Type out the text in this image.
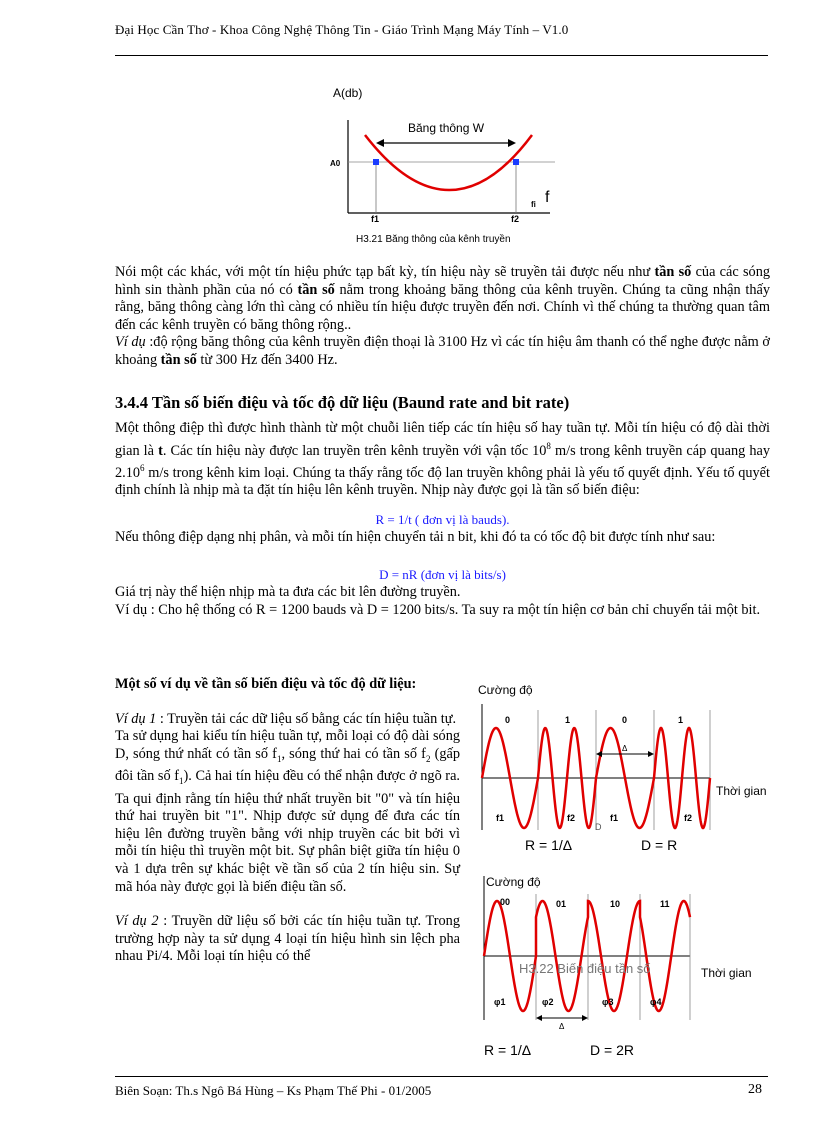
Đại Học Cần Thơ - Khoa Công Nghệ Thông Tin - Giáo Trình Mạng Máy Tính – V1.0
A(db)
Băng thông W
A0
fi f
f1	f2
H3.21 Băng thông của kênh truyền

Nói một các khác, với một tín hiệu phức tạp bất kỳ, tín hiệu này sẽ truyền tải được nếu như tần số của các sóng hình sin thành phần của nó có tần số nằm trong khoảng băng thông của kênh truyền. Chúng ta cũng nhận thấy rằng, băng thông càng lớn thì càng có nhiều tín hiệu được truyền đến nơi. Chính vì thế chúng ta thường quan tâm đến các kênh truyền có băng thông rộng..

Ví dụ :độ rộng băng thông của kênh truyền điện thoại là 3100 Hz vì các tín hiệu âm thanh có thể nghe được nằm ở khoảng tần số từ 300 Hz đến 3400 Hz.

3.4.4 Tần số biến điệu và tốc độ dữ liệu (Baund rate and bit rate)

Một thông điệp thì được hình thành từ một chuỗi liên tiếp các tín hiệu số hay tuần tự. Mỗi tín hiệu có độ dài thời gian là t. Các tín hiệu này được lan truyền trên kênh truyền với vận tốc $10^8$ m/s trong kênh truyền cáp quang hay 2.10$^6$ m/s trong kênh kim loại. Chúng ta thấy rằng tốc độ lan truyền không phải là yếu tố quyết định. Yếu tố quyết định chính là nhịp mà ta đặt tín hiệu lên kênh truyền. Nhịp này được gọi là tần số biến điệu:

R = 1/t ( đơn vị là bauds).
Nếu thông điệp dạng nhị phân, và mỗi tín hiện chuyển tải n bit, khi đó ta có tốc độ bit được tính như sau:
D = nR (đơn vị là bits/s)

Giá trị này thể hiện nhịp mà ta đưa các bit lên đường truyền.

Ví dụ : Cho hệ thống có R = 1200 bauds và D = 1200 bits/s. Ta suy ra một tín hiện cơ bản chỉ chuyển tải một bit.

Một số ví dụ về tần số biến điệu và tốc độ dữ liệu:

Ví dụ 1 : Truyền tải các dữ liệu số bằng các tín hiệu tuần tự.

Ta sử dụng hai kiểu tín hiệu tuần tự, mỗi loại có độ dài sóng D, sóng thứ nhất có tần số $f_1$, sóng thứ hai có tần số $f_2$ (gấp đôi tần số $f_1$). Cả hai tín hiệu đều có thể nhận được ở ngõ ra. Ta qui định rằng tín hiệu thứ nhất truyền bit "0" và tín hiệu thứ hai truyền bit "1". Nhịp được sử dụng để đưa các tín hiệu lên đường truyền bằng với nhịp truyền các bit bởi vì mỗi tín hiệu thì truyền một bit. Sự phân biệt giữa tín hiệu 0 và 1 dựa trên sự khác biệt về tần số của 2 tín hiệu sin. Sự mã hóa này được gọi là biến điệu tần số.

Ví dụ 2 : Truyền dữ liệu số bởi các tín hiệu tuần tự. Trong trường hợp này ta sử dụng 4 loại tín hiệu hình sin lệch pha nhau Pi/4. Mỗi loại tín hiệu có thể

Cường độ
0	1	0	1
Δ
Thời gian
f1	f2	f1	f2
D
R = 1/Δ	D = R
Cường độ
00	01	10	11
H3.22 Biến điệu tần số	Thời gian
φ1	φ2	φ3	φ4
Δ
R = 1/Δ	D = 2R
Biên Soạn: Th.s Ngô Bá Hùng – Ks Phạm Thế Phi - 01/2005	28
